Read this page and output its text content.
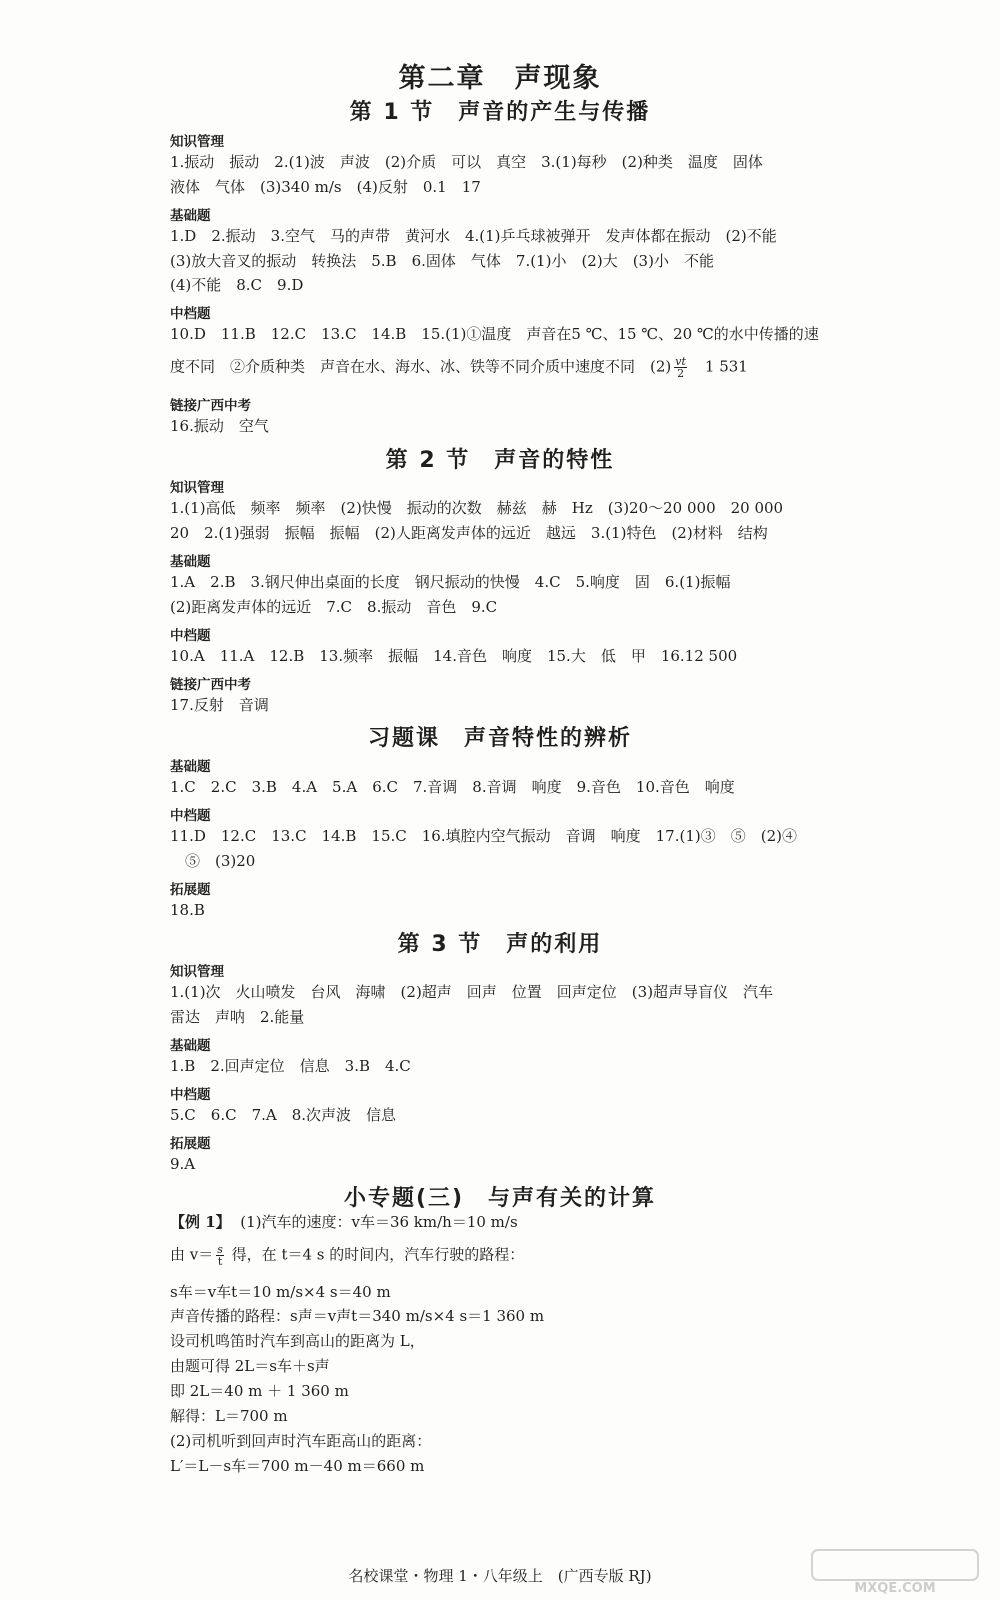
第二章　声现象
第 1 节　声音的产生与传播

知识管理

1.振动　振动　2.(1)波　声波　(2)介质　可以　真空　3.(1)每秒　(2)种类　温度　固体

液体　气体　(3)340 m/s　(4)反射　0.1　17

基础题

1.D　2.振动　3.空气　马的声带　黄河水　4.(1)乒乓球被弹开　发声体都在振动　(2)不能

(3)放大音叉的振动　转换法　5.B　6.固体　气体　7.(1)小　(2)大　(3)小　不能

(4)不能　8.C　9.D

中档题

10.D　11.B　12.C　13.C　14.B　15.(1)①温度　声音在5 ℃、15 ℃、20 ℃的水中传播的速

度不同　②介质种类　声音在水、海水、冰、铁等不同介质中速度不同　$(2) \frac{vt}{2}$ 　1 531

链接广西中考

16.振动　空气

第 2 节　声音的特性

知识管理

1.(1)高低　频率　频率　(2)快慢　振动的次数　赫兹　赫　Hz　(3)20～20 000　20 000

20　2.(1)强弱　振幅　振幅　(2)人距离发声体的远近　越远　3.(1)特色　(2)材料　结构

基础题

1.A　2.B　3.钢尺伸出桌面的长度　钢尺振动的快慢　4.C　5.响度　固　6.(1)振幅

(2)距离发声体的远近　7.C　8.振动　音色　9.C

中档题

10.A　11.A　12.B　13.频率　振幅　14.音色　响度　15.大　低　甲　16.12 500

链接广西中考

17.反射　音调

习题课　声音特性的辨析

基础题

1.C　2.C　3.B　4.A　5.A　6.C　7.音调　8.音调　响度　9.音色　10.音色　响度

中档题

11.D　12.C　13.C　14.B　15.C　16.填腔内空气振动　音调　响度　17.(1)③　⑤　(2)④

　⑤　(3)20

拓展题

18.B

第 3 节　声的利用

知识管理

1.(1)次　火山喷发　台风　海啸　(2)超声　回声　位置　回声定位　(3)超声导盲仪　汽车

雷达　声呐　2.能量

基础题

1.B　2.回声定位　信息　3.B　4.C

中档题

5.C　6.C　7.A　8.次声波　信息

拓展题

9.A

小专题(三)　与声有关的计算

【例 1】 (1)汽车的速度：v车＝36 km/h＝10 m/s

由 $v= \frac{s}{t}$ 得，在 t＝4 s 的时间内，汽车行驶的路程：

s车＝v车t＝10 m/s×4 s＝40 m

声音传播的路程：s声＝v声t＝340 m/s×4 s＝1 360 m

设司机鸣笛时汽车到高山的距离为 L，

由题可得 2L＝s车＋s声

即 2L＝40 m ＋ 1 360 m

解得：L＝700 m

(2)司机听到回声时汽车距高山的距离：

L′＝L－s车＝700 m－40 m＝660 m

名校课堂・物理 1・八年级上　(广西专版 RJ)
MXQE.COM
